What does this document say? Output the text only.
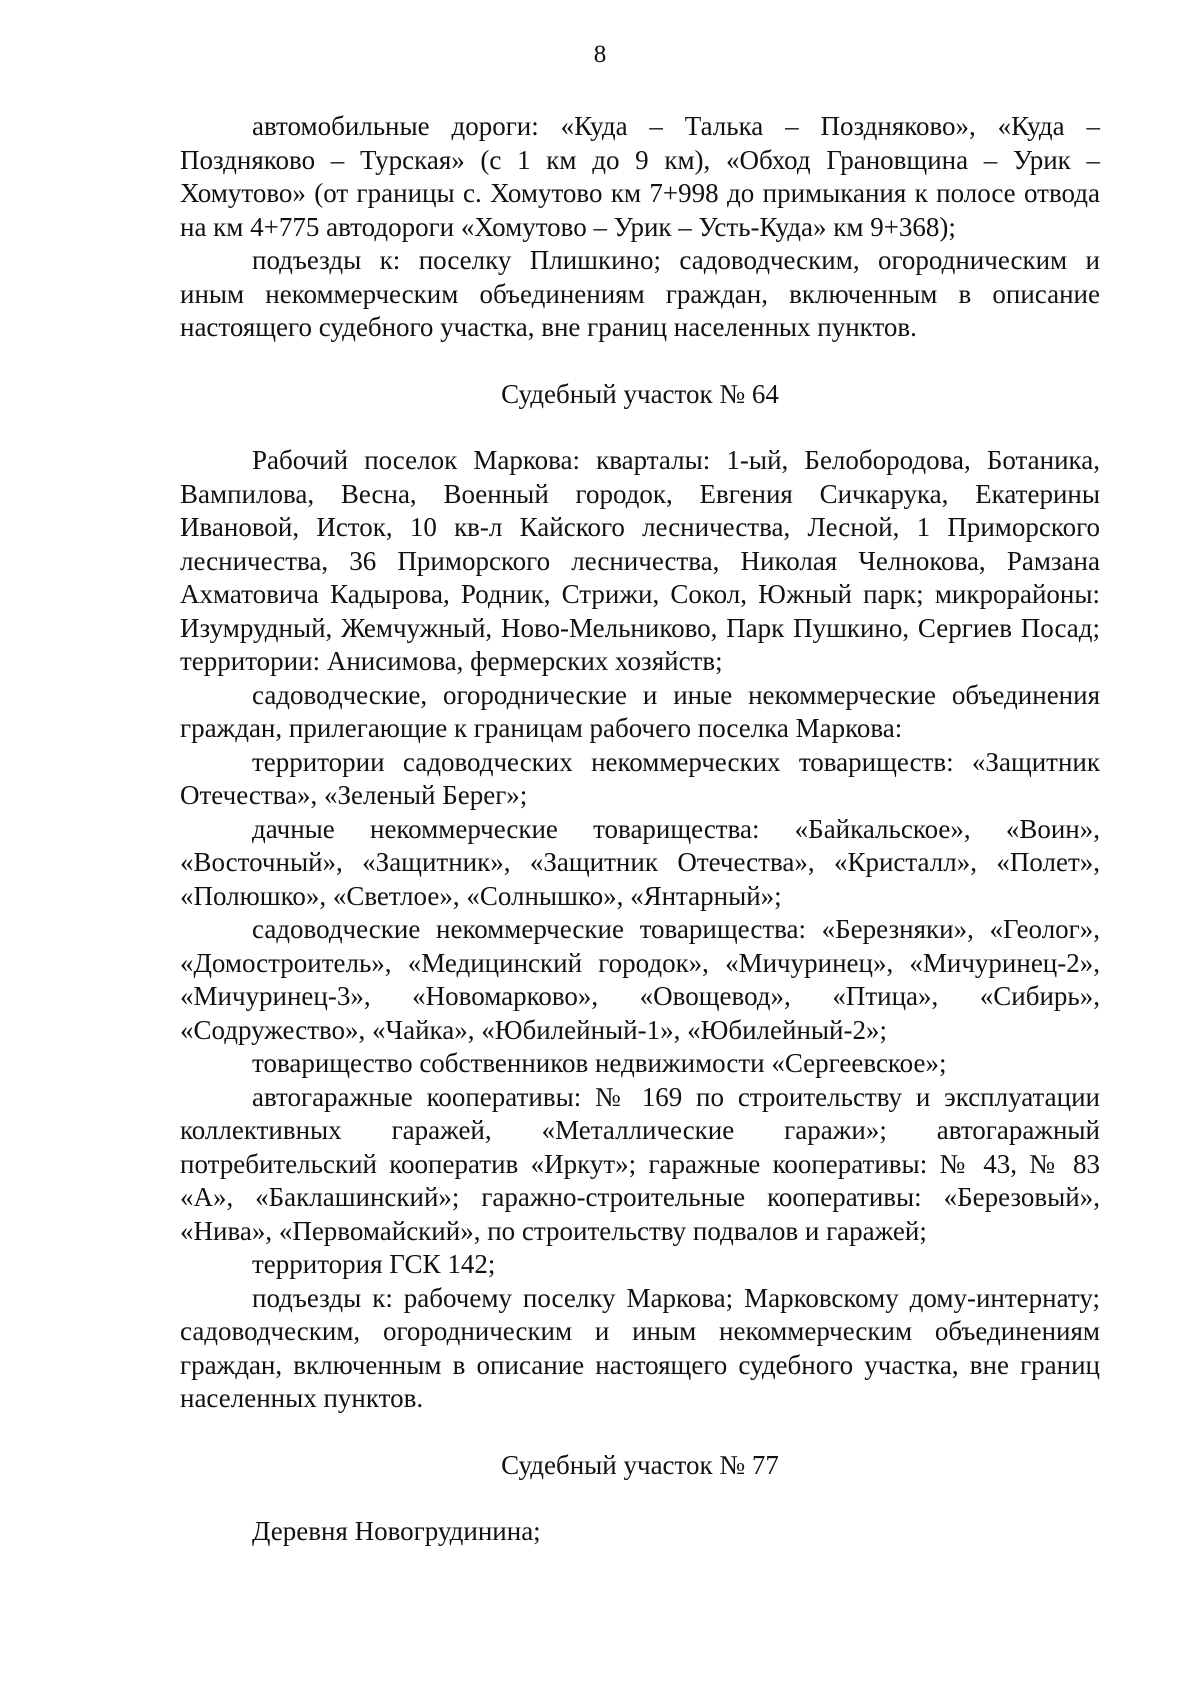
8

автомобильные дороги: «Куда – Талька – Поздняково», «Куда – Поздняково – Турская» (с 1 км до 9 км), «Обход Грановщина – Урик – Хомутово» (от границы с. Хомутово км 7+998 до примыкания к полосе отвода на км 4+775 автодороги «Хомутово – Урик – Усть-Куда» км 9+368);

подъезды к: поселку Плишкино; садоводческим, огородническим и иным некоммерческим объединениям граждан, включенным в описание настоящего судебного участка, вне границ населенных пунктов.

Судебный участок № 64

Рабочий поселок Маркова: кварталы: 1-ый, Белобородова, Ботаника, Вампилова, Весна, Военный городок, Евгения Сичкарука, Екатерины Ивановой, Исток, 10 кв-л Кайского лесничества, Лесной, 1 Приморского лесничества, 36 Приморского лесничества, Николая Челнокова, Рамзана Ахматовича Кадырова, Родник, Стрижи, Сокол, Южный парк; микрорайоны: Изумрудный, Жемчужный, Ново-Мельниково, Парк Пушкино, Сергиев Посад; территории: Анисимова, фермерских хозяйств;

садоводческие, огороднические и иные некоммерческие объединения граждан, прилегающие к границам рабочего поселка Маркова:

территории садоводческих некоммерческих товариществ: «Защитник Отечества», «Зеленый Берег»;

дачные некоммерческие товарищества: «Байкальское», «Воин», «Восточный», «Защитник», «Защитник Отечества», «Кристалл», «Полет», «Полюшко», «Светлое», «Солнышко», «Янтарный»;

садоводческие некоммерческие товарищества: «Березняки», «Геолог», «Домостроитель», «Медицинский городок», «Мичуринец», «Мичуринец-2», «Мичуринец-3», «Новомарково», «Овощевод», «Птица», «Сибирь», «Содружество», «Чайка», «Юбилейный-1», «Юбилейный-2»;

товарищество собственников недвижимости «Сергеевское»;

автогаражные кооперативы: № 169 по строительству и эксплуатации коллективных гаражей, «Металлические гаражи»; автогаражный потребительский кооператив «Иркут»; гаражные кооперативы: № 43, № 83 «А», «Баклашинский»; гаражно-строительные кооперативы: «Березовый», «Нива», «Первомайский», по строительству подвалов и гаражей;

территория ГСК 142;

подъезды к: рабочему поселку Маркова; Марковскому дому-интернату; садоводческим, огородническим и иным некоммерческим объединениям граждан, включенным в описание настоящего судебного участка, вне границ населенных пунктов.

Судебный участок № 77

Деревня Новогрудинина;
